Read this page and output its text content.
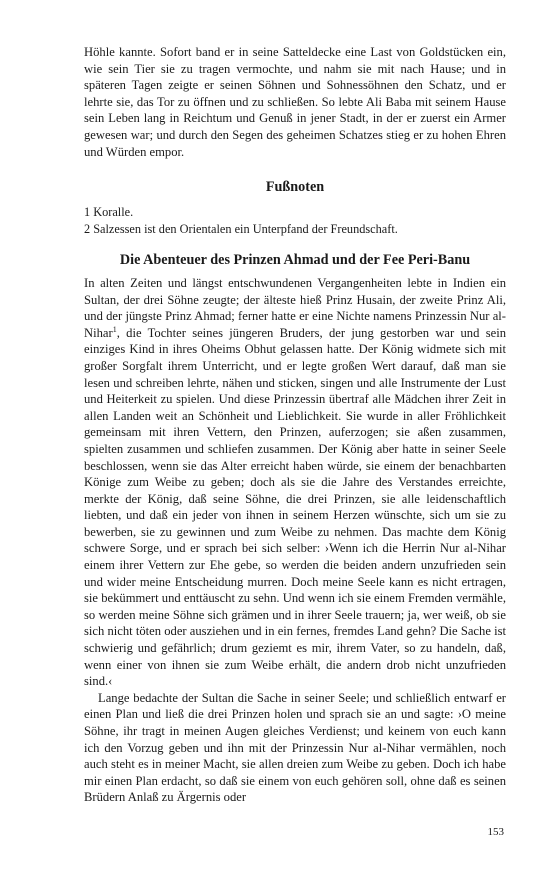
Höhle kannte. Sofort band er in seine Satteldecke eine Last von Goldstücken ein, wie sein Tier sie zu tragen vermochte, und nahm sie mit nach Hause; und in späteren Tagen zeigte er seinen Söhnen und Sohnessöhnen den Schatz, und er lehrte sie, das Tor zu öffnen und zu schließen. So lebte Ali Baba mit seinem Hause sein Leben lang in Reichtum und Genuß in jener Stadt, in der er zuerst ein Armer gewesen war; und durch den Segen des geheimen Schatzes stieg er zu hohen Ehren und Würden empor.

Fußnoten

1 Koralle.

2 Salzessen ist den Orientalen ein Unterpfand der Freundschaft.

Die Abenteuer des Prinzen Ahmad und der Fee Peri-Banu

In alten Zeiten und längst entschwundenen Vergangenheiten lebte in Indien ein Sultan, der drei Söhne zeugte; der älteste hieß Prinz Husain, der zweite Prinz Ali, und der jüngste Prinz Ahmad; ferner hatte er eine Nichte namens Prinzessin Nur al-Nihar$^1$, die Tochter seines jüngeren Bruders, der jung gestorben war und sein einziges Kind in ihres Oheims Obhut gelassen hatte. Der König widmete sich mit großer Sorgfalt ihrem Unterricht, und er legte großen Wert darauf, daß man sie lesen und schreiben lehrte, nähen und sticken, singen und alle Instrumente der Lust und Heiterkeit zu spielen. Und diese Prinzessin übertraf alle Mädchen ihrer Zeit in allen Landen weit an Schönheit und Lieblichkeit. Sie wurde in aller Fröhlichkeit gemeinsam mit ihren Vettern, den Prinzen, auferzogen; sie aßen zusammen, spielten zusammen und schliefen zusammen. Der König aber hatte in seiner Seele beschlossen, wenn sie das Alter erreicht haben würde, sie einem der benachbarten Könige zum Weibe zu geben; doch als sie die Jahre des Verstandes erreichte, merkte der König, daß seine Söhne, die drei Prinzen, sie alle leidenschaftlich liebten, und daß ein jeder von ihnen in seinem Herzen wünschte, sich um sie zu bewerben, sie zu gewinnen und zum Weibe zu nehmen. Das machte dem König schwere Sorge, und er sprach bei sich selber: ›Wenn ich die Herrin Nur al-Nihar einem ihrer Vettern zur Ehe gebe, so werden die beiden andern unzufrieden sein und wider meine Entscheidung murren. Doch meine Seele kann es nicht ertragen, sie bekümmert und enttäuscht zu sehn. Und wenn ich sie einem Fremden vermähle, so werden meine Söhne sich grämen und in ihrer Seele trauern; ja, wer weiß, ob sie sich nicht töten oder ausziehen und in ein fernes, fremdes Land gehn? Die Sache ist schwierig und gefährlich; drum geziemt es mir, ihrem Vater, so zu handeln, daß, wenn einer von ihnen sie zum Weibe erhält, die andern drob nicht unzufrieden sind.‹

Lange bedachte der Sultan die Sache in seiner Seele; und schließlich entwarf er einen Plan und ließ die drei Prinzen holen und sprach sie an und sagte: ›O meine Söhne, ihr tragt in meinen Augen gleiches Verdienst; und keinem von euch kann ich den Vorzug geben und ihn mit der Prinzessin Nur al-Nihar vermählen, noch auch steht es in meiner Macht, sie allen dreien zum Weibe zu geben. Doch ich habe mir einen Plan erdacht, so daß sie einem von euch gehören soll, ohne daß es seinen Brüdern Anlaß zu Ärgernis oder

153
